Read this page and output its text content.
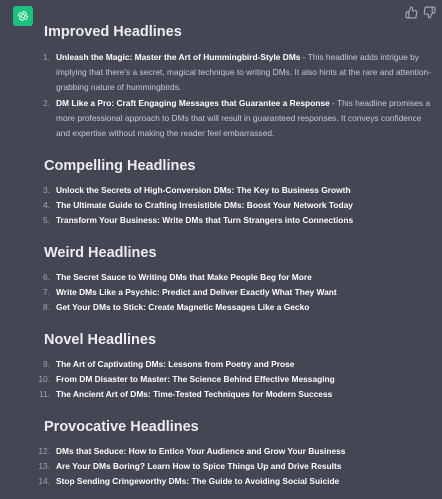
Improved Headlines
1. Unleash the Magic: Master the Art of Hummingbird-Style DMs - This headline adds intrigue by implying that there's a secret, magical technique to writing DMs. It also hints at the rare and attention-grabbing nature of hummingbirds.
2. DM Like a Pro: Craft Engaging Messages that Guarantee a Response - This headline promises a more professional approach to DMs that will result in guaranteed responses. It conveys confidence and expertise without making the reader feel embarrassed.
Compelling Headlines
3. Unlock the Secrets of High-Conversion DMs: The Key to Business Growth
4. The Ultimate Guide to Crafting Irresistible DMs: Boost Your Network Today
5. Transform Your Business: Write DMs that Turn Strangers into Connections
Weird Headlines
6. The Secret Sauce to Writing DMs that Make People Beg for More
7. Write DMs Like a Psychic: Predict and Deliver Exactly What They Want
8. Get Your DMs to Stick: Create Magnetic Messages Like a Gecko
Novel Headlines
9. The Art of Captivating DMs: Lessons from Poetry and Prose
10. From DM Disaster to Master: The Science Behind Effective Messaging
11. The Ancient Art of DMs: Time-Tested Techniques for Modern Success
Provocative Headlines
12. DMs that Seduce: How to Entice Your Audience and Grow Your Business
13. Are Your DMs Boring? Learn How to Spice Things Up and Drive Results
14. Stop Sending Cringeworthy DMs: The Guide to Avoiding Social Suicide
